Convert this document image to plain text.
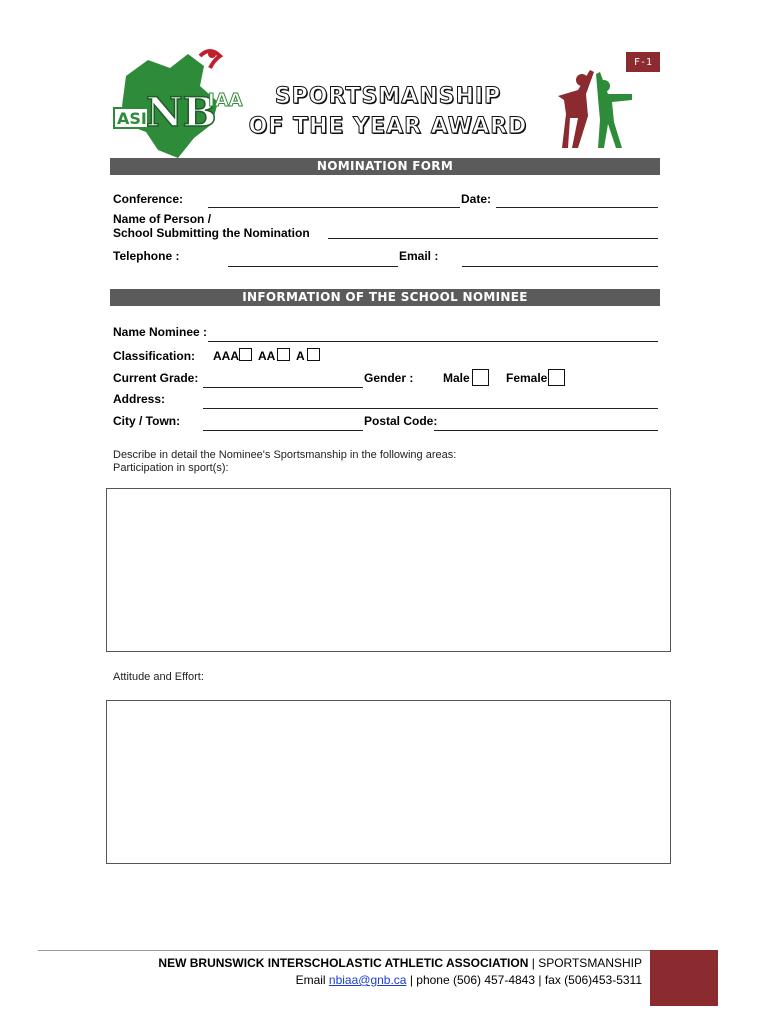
F-1
ASI NB
IAA	SPORTSMANSHIP
OF THE YEAR AWARD
NOMINATION FORM
Conference:	Date:
Name of Person /
School Submitting the Nomination
Telephone :	Email :
INFORMATION OF THE SCHOOL NOMINEE
Name Nominee :
Classification: AAA AA A
Current Grade:	Gender : Male	Female
Address:
City / Town:	Postal Code:
Describe in detail the Nominee's Sportsmanship in the following areas:
Participation in sport(s):
Attitude and Effort:
NEW BRUNSWICK INTERSCHOLASTIC ATHLETIC ASSOCIATION | SPORTSMANSHIP
Email nbiaa@gnb.ca | phone (506) 457-4843 | fax (506)453-5311
